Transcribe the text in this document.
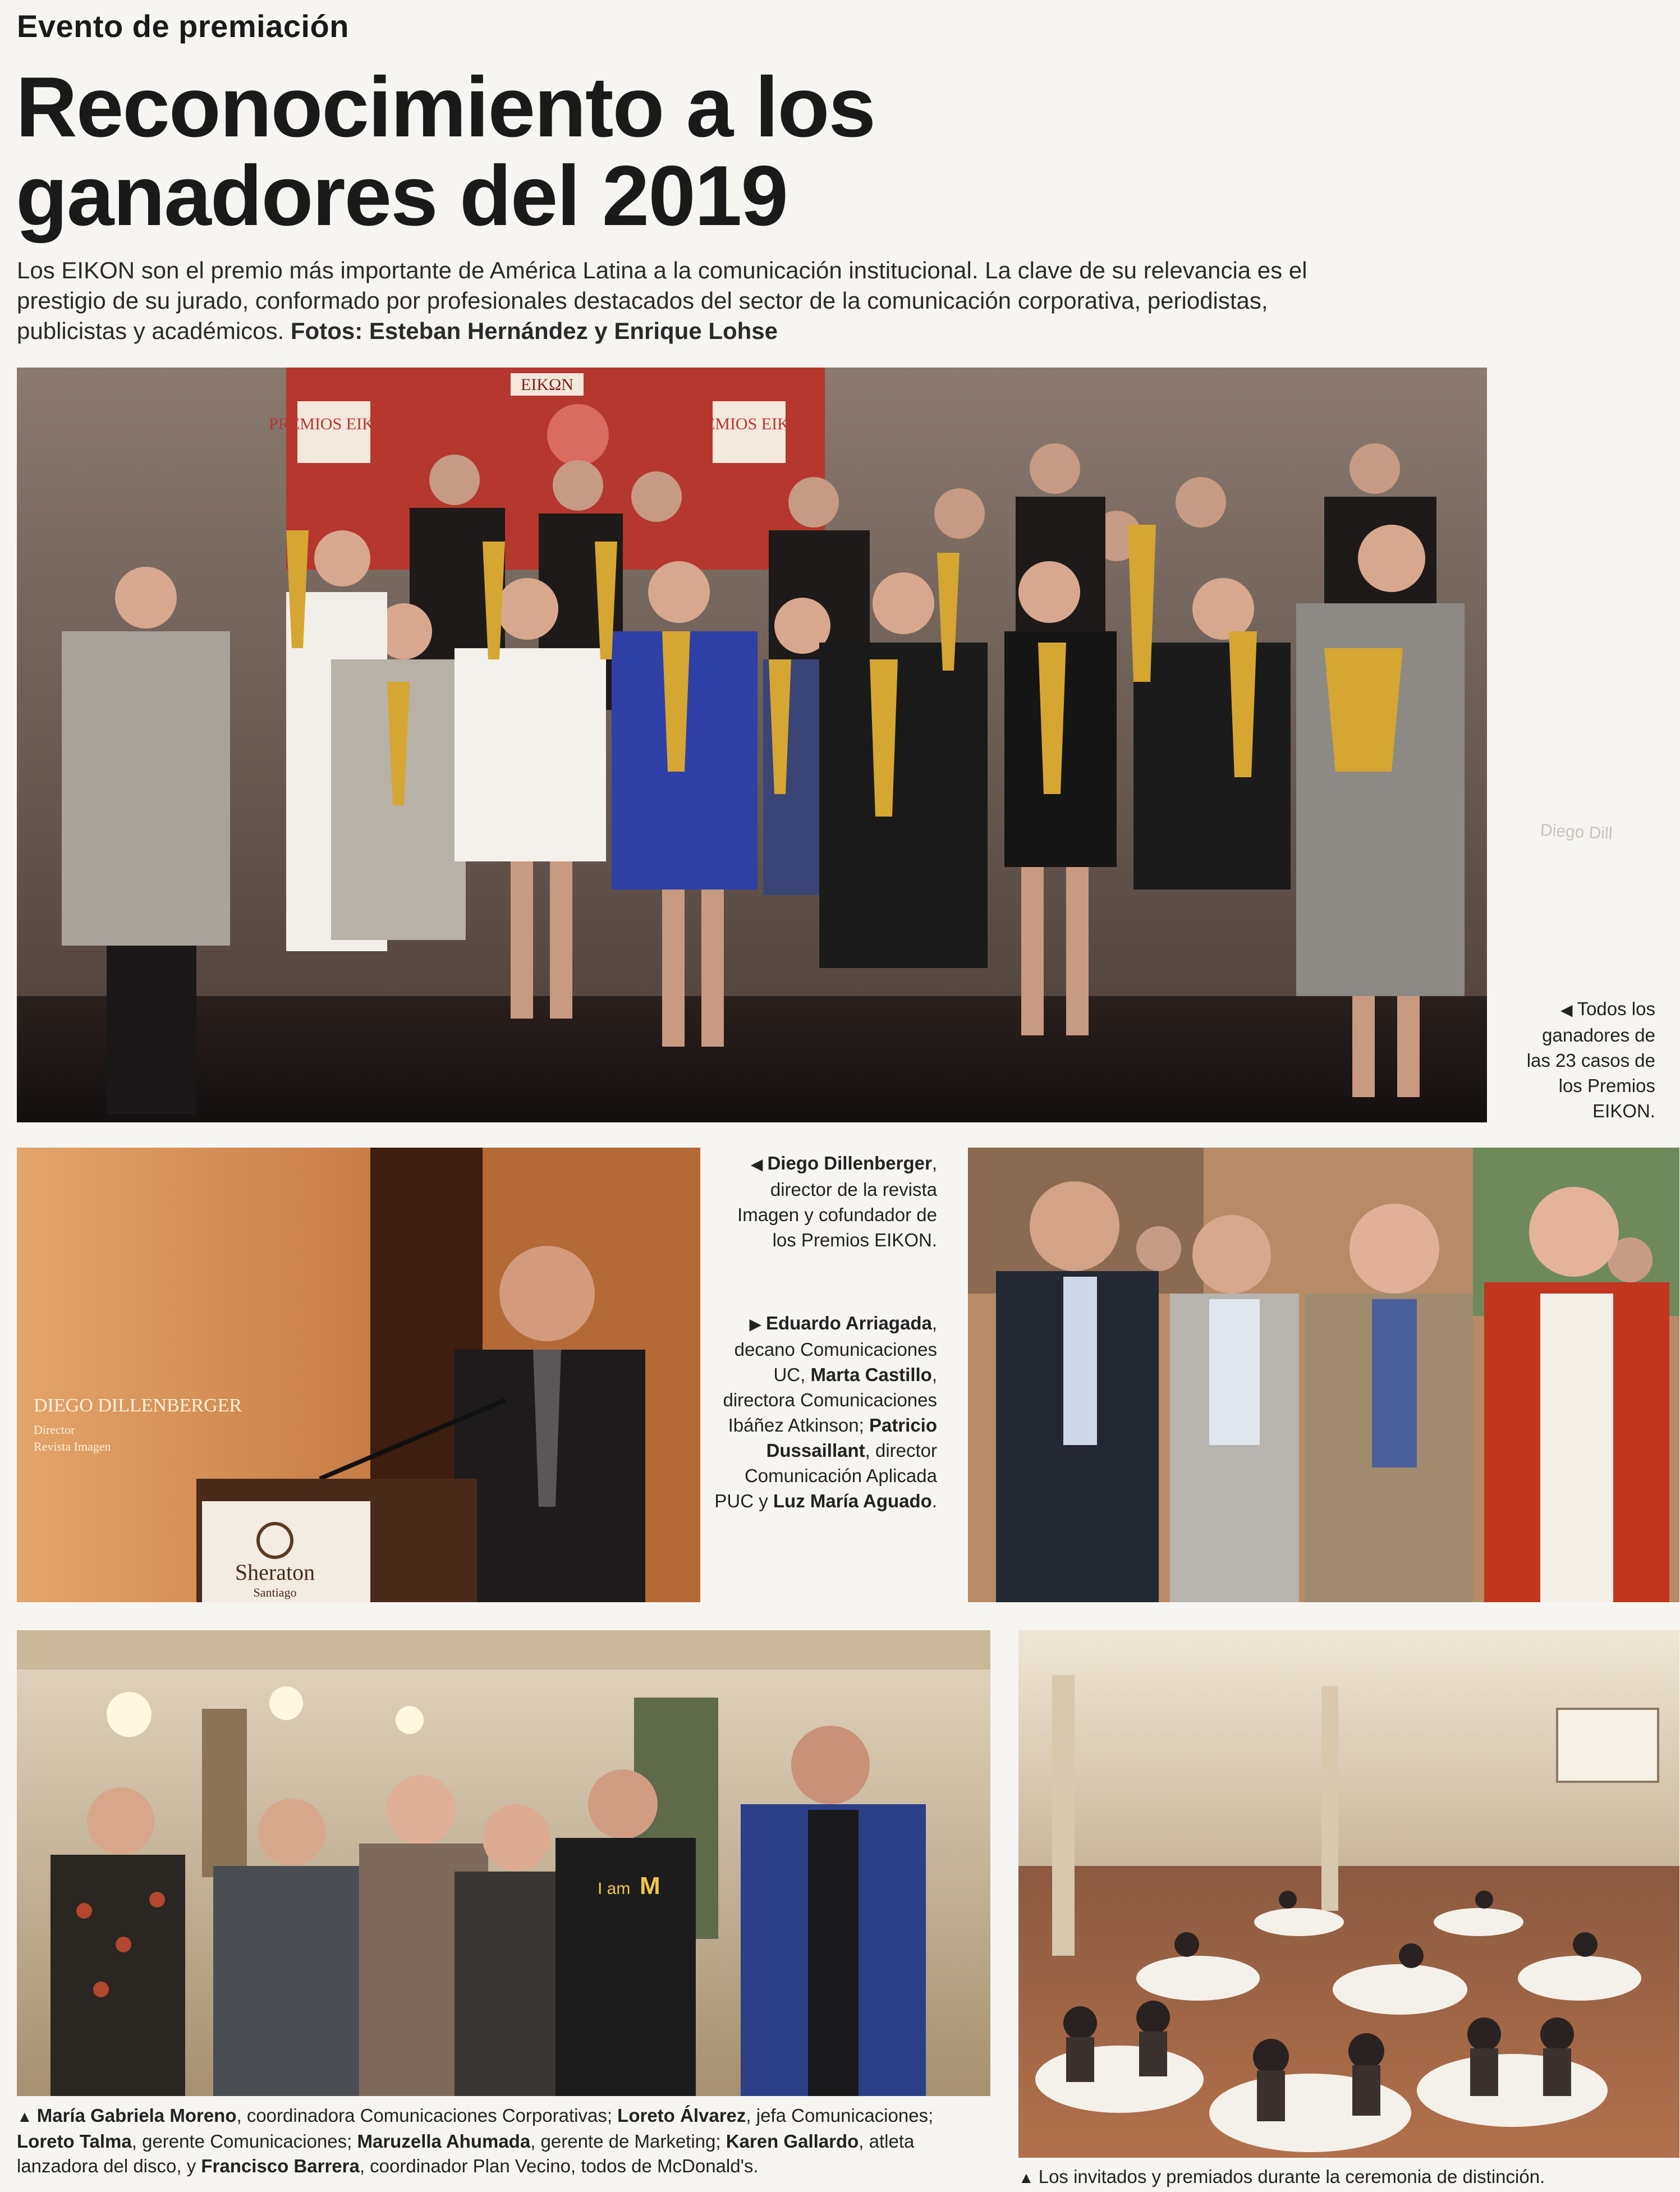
Evento de premiación
Reconocimiento a los
ganadores del 2019
Los EIKON son el premio más importante de América Latina a la comunicación institucional. La clave de su relevancia es el prestigio de su jurado, conformado por profesionales destacados del sector de la comunicación corporativa, periodistas, publicistas y académicos. Fotos: Esteban Hernández y Enrique Lohse
PREMIOS EIKΩN	PREMIOS EIKΩN
EIKΩN
◀ Todos los ganadores de las 23 casos de los Premios EIKON.
Diego Dill
DIEGO DILLENBERGER
Director
Revista Imagen
Sheraton
Santiago
◀ Diego Dillenberger, director de la revista Imagen y cofundador de los Premios EIKON.
▶ Eduardo Arriagada, decano Comunicaciones UC, Marta Castillo, directora Comunicaciones Ibáñez Atkinson; Patricio Dussaillant, director Comunicación Aplicada PUC y Luz María Aguado.
I am M
▲ María Gabriela Moreno, coordinadora Comunicaciones Corporativas; Loreto Álvarez, jefa Comunicaciones; Loreto Talma, gerente Comunicaciones; Maruzella Ahumada, gerente de Marketing; Karen Gallardo, atleta lanzadora del disco, y Francisco Barrera, coordinador Plan Vecino, todos de McDonald's.
▲ Los invitados y premiados durante la ceremonia de distinción.
